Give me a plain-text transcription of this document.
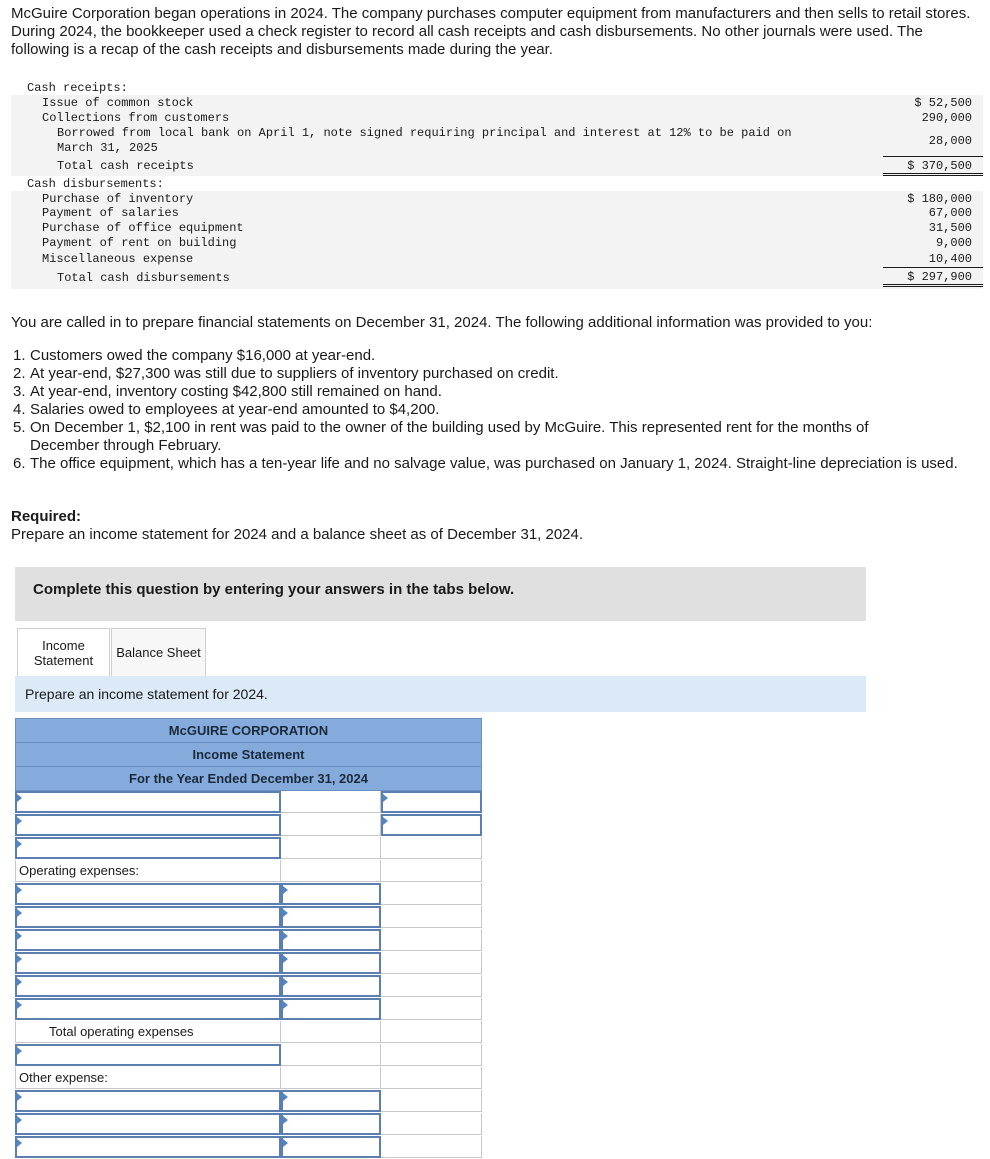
McGuire Corporation began operations in 2024. The company purchases computer equipment from manufacturers and then sells to retail stores. During 2024, the bookkeeper used a check register to record all cash receipts and cash disbursements. No other journals were used. The following is a recap of the cash receipts and disbursements made during the year.

Cash receipts:
Issue of common stock	$ 52,500
Collections from customers	290,000
Borrowed from local bank on April 1, note signed requiring principal and interest at 12% to be paid on
March 31, 2025	28,000
Total cash receipts	$ 370,500
Cash disbursements:
Purchase of inventory	$ 180,000
Payment of salaries	67,000
Purchase of office equipment	31,500
Payment of rent on building	9,000
Miscellaneous expense	10,400
Total cash disbursements	$ 297,900

You are called in to prepare financial statements on December 31, 2024. The following additional information was provided to you:

1. Customers owed the company $16,000 at year-end.
2. At year-end, $27,300 was still due to suppliers of inventory purchased on credit.
3. At year-end, inventory costing $42,800 still remained on hand.
4. Salaries owed to employees at year-end amounted to $4,200.
5. On December 1, $2,100 in rent was paid to the owner of the building used by McGuire. This represented rent for the months of December through February.
6. The office equipment, which has a ten-year life and no salvage value, was purchased on January 1, 2024. Straight-line depreciation is used.

Required:

Prepare an income statement for 2024 and a balance sheet as of December 31, 2024.

Complete this question by entering your answers in the tabs below.
Income
Statement
Balance Sheet
Prepare an income statement for 2024.
McGUIRE CORPORATION
Income Statement
For the Year Ended December 31, 2024
Operating expenses:
Total operating expenses
Other expense:
